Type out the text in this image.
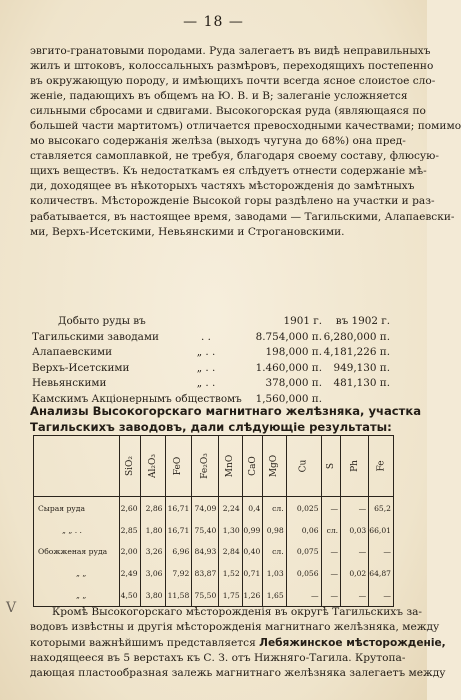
— 18 —
эвгито-гранатовыми породами. Руда залегаетъ въ видѣ неправильныхъ
жилъ и штоковъ, колоссальныхъ размѣровъ, переходящихъ постепенно
въ окружающую породу, и имѣющихъ почти всегда ясное слоистое сло-
женіе, падающихъ въ общемъ на Ю. В. и В; залеганіе усложняется
сильными сбросами и сдвигами. Высокогорская руда (являющаяся по
большей части мартитомъ) отличается превосходными качествами; помимо
мо высокаго содержанія желѣза (выходъ чугуна до 68%) она пред-
ставляется самоплавкой, не требуя, благодаря своему составу, флюсую-
щихъ веществъ. Къ недостаткамъ ея слѣдуетъ отнести содержаніе мѣ-
ди, доходящее въ нѣкоторыхъ частяхъ мѣсторожденія до замѣтныхъ
количествъ. Мѣсторожденіе Высокой горы раздѣлено на участки и раз-
рабатывается, въ настоящее время, заводами — Тагильскими, Алапаевски-
ми, Верхъ-Исетскими, Невьянскими и Строгановскими.
Добыто руды въ	1901 г.	въ 1902 г.
Тагильскими заводами	. .	8.754,000 п. 6,280,000 п.
Алапаевскими	„ . .	198,000 п. 4,181,226 п.
Верхъ-Исетскими	„ . .	1.460,000 п.	949,130 п.
Невьянскими	„ . .	378,000 п.	481,130 п.
Камскимъ Акціонернымъ обществомъ	1,560,000 п.
Анализы Высокогорскаго магнитнаго желѣзняка, участка
Тагильскихъ заводовъ, дали слѣдующіе результаты:
	SiO₂	Al₂O₃	FeO	Fe₂O₃	MnO	CaO	MgO	Cu	S	Ph	Fe
Сырая руда	2,60	2,86	16,71	74,09	2,24	0,4	сл.	0,025	—	—	65,2
„ „ . .	2,85	1,80	16,71	75,40	1,30	0,99	0,98	0,06	сл.	0,03	66,01
Обожженая руда	2,00	3,26	6,96	84,93	2,84	0,40	сл.	0,075	—	—	—
„ „	2,49	3,06	7,92	83,87	1,52	0,71	1,03	0,056	—	0,02	64,87
„ „	4,50	3,80	11,58	75,50	1,75	1,26	1,65	—	—	—	—
V	Кромѣ Высокогорскаго мѣсторожденія въ округѣ Тагильскихъ за-
водовъ извѣстны и другія мѣсторожденія магнитнаго желѣзняка, между
которыми важнѣйшимъ представляется Лебяжинское мѣсторожденіе,
находящееся въ 5 верстахъ къ С. З. отъ Нижняго-Тагила. Крутопа-
дающая пластообразная залежь магнитнаго желѣзняка залегаетъ между
